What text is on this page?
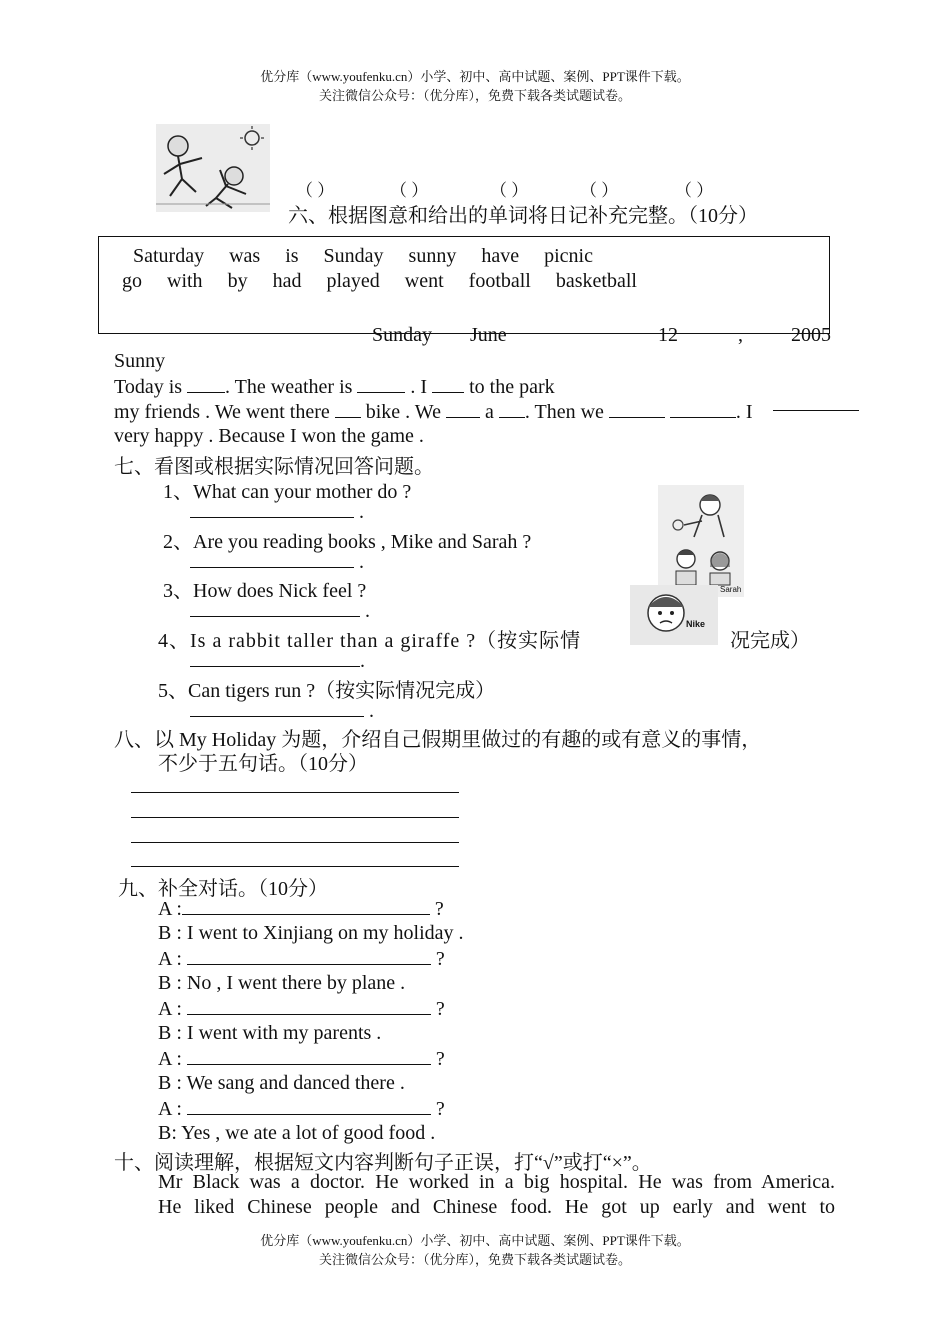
优分库（www.youfenku.cn）小学、初中、高中试题、案例、PPT课件下载。
关注微信公众号：（优分库），免费下载各类试题试卷。
（ ）	（ ）	（ ）	（ ）	（ ）
六、根据图意和给出的单词将日记补充完整。（10分）
Sunday June	12	, 2005
Saturday was is Sunday sunny have picnic
go with by had played went football basketball
Sunny
Today is . The weather is	. I to the park
my friends . We went there bike . We a . Then we	. I
very happy . Because I won the game .
七、看图或根据实际情况回答问题。
1、What can your mother do ?
.
2、Are you reading books , Mike and Sarah ?
.
3、How does Nick feel ?
.
4、Is a rabbit taller than a giraffe ?（按实际情	况完成）
.
5、Can tigers run ?（按实际情况完成）
.
Sarah
Nike
八、以 My Holiday 为题，介绍自己假期里做过的有趣的或有意义的事情，
不少于五句话。（10分）
九、补全对话。（10分）
A :	?
B : I went to Xinjiang on my holiday .
A :	?
B : No , I went there by plane .
A :	?
B : I went with my parents .
A :	?
B : We sang and danced there .
A :	?
B: Yes , we ate a lot of good food .
十、阅读理解，根据短文内容判断句子正误，打“√”或打“×”。
Mr Black was a doctor. He worked in a big hospital. He was from America.
He liked Chinese people and Chinese food. He got up early and went to
优分库（www.youfenku.cn）小学、初中、高中试题、案例、PPT课件下载。
关注微信公众号：（优分库），免费下载各类试题试卷。
